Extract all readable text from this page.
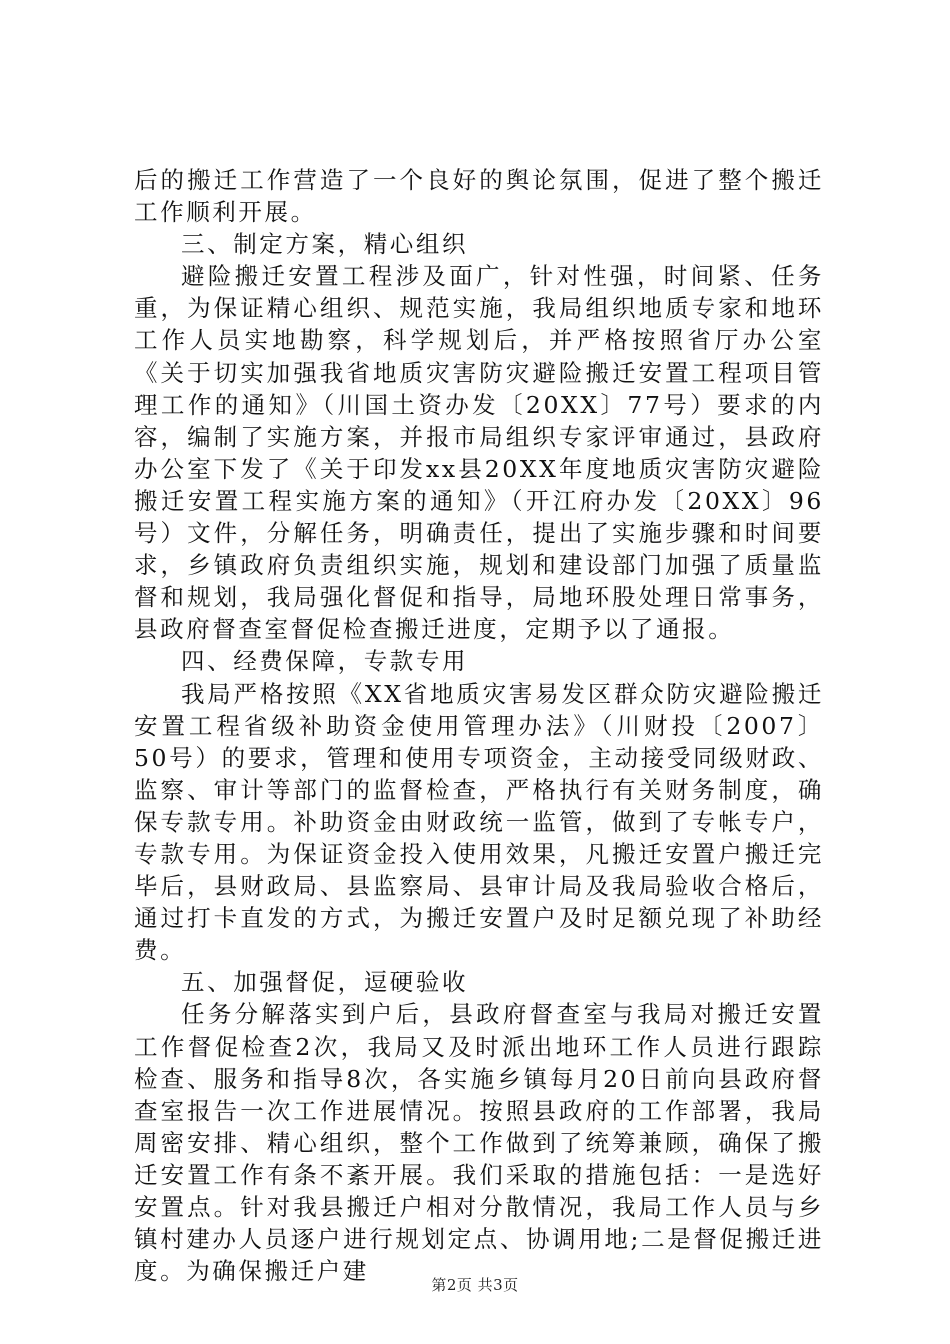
后的搬迁工作营造了一个良好的舆论氛围，促进了整个搬迁工作顺利开展。

三、制定方案，精心组织

避险搬迁安置工程涉及面广，针对性强，时间紧、任务重，为保证精心组织、规范实施，我局组织地质专家和地环工作人员实地勘察，科学规划后，并严格按照省厅办公室《关于切实加强我省地质灾害防灾避险搬迁安置工程项目管理工作的通知》（川国土资办发〔20XX〕77号）要求的内容，编制了实施方案，并报市局组织专家评审通过，县政府办公室下发了《关于印发xx县20XX年度地质灾害防灾避险搬迁安置工程实施方案的通知》（开江府办发〔20XX〕96号）文件，分解任务，明确责任，提出了实施步骤和时间要求，乡镇政府负责组织实施，规划和建设部门加强了质量监督和规划，我局强化督促和指导，局地环股处理日常事务，县政府督查室督促检查搬迁进度，定期予以了通报。

四、经费保障，专款专用

我局严格按照《XX省地质灾害易发区群众防灾避险搬迁安置工程省级补助资金使用管理办法》（川财投〔2007〕50号）的要求，管理和使用专项资金，主动接受同级财政、监察、审计等部门的监督检查，严格执行有关财务制度，确保专款专用。补助资金由财政统一监管，做到了专帐专户，专款专用。为保证资金投入使用效果，凡搬迁安置户搬迁完毕后，县财政局、县监察局、县审计局及我局验收合格后，通过打卡直发的方式，为搬迁安置户及时足额兑现了补助经费。

五、加强督促，逗硬验收

任务分解落实到户后，县政府督查室与我局对搬迁安置工作督促检查2次，我局又及时派出地环工作人员进行跟踪检查、服务和指导8次，各实施乡镇每月20日前向县政府督查室报告一次工作进展情况。按照县政府的工作部署，我局周密安排、精心组织，整个工作做到了统筹兼顾，确保了搬迁安置工作有条不紊开展。我们采取的措施包括：一是选好安置点。针对我县搬迁户相对分散情况，我局工作人员与乡镇村建办人员逐户进行规划定点、协调用地;二是督促搬迁进度。为确保搬迁户建	第2页 共3页
